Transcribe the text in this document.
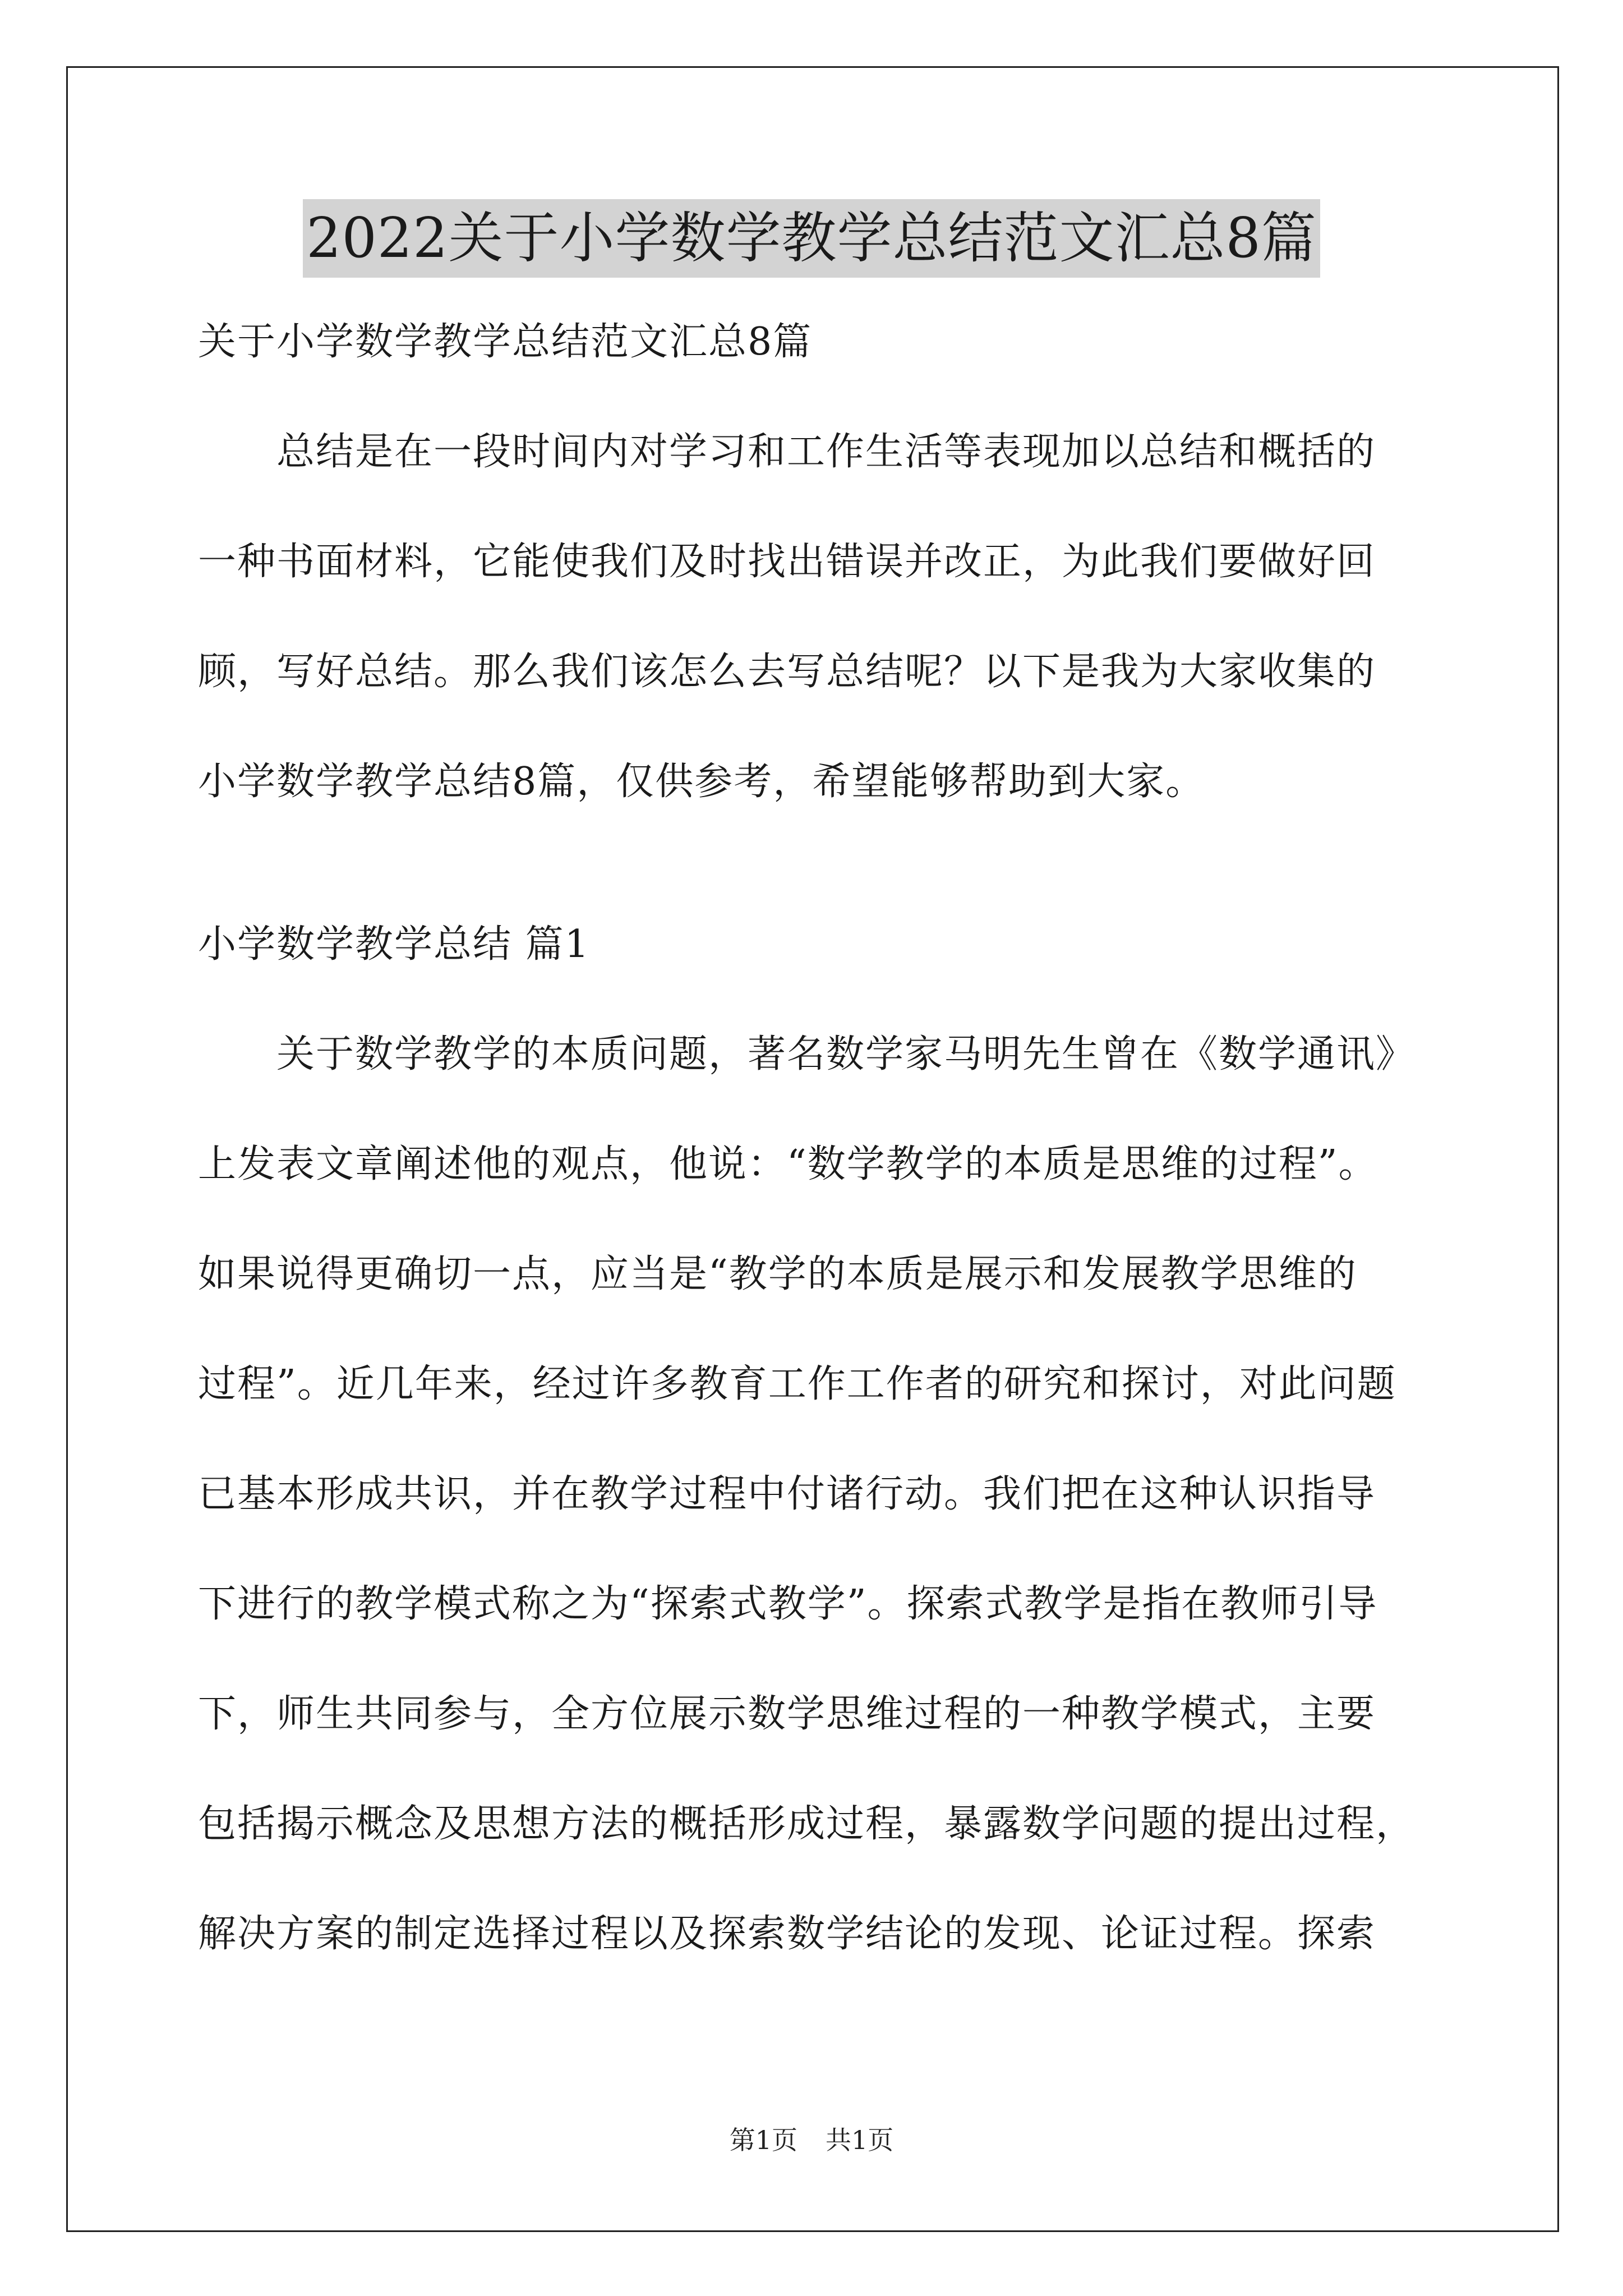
2022关于小学数学教学总结范文汇总8篇

关于小学数学教学总结范文汇总8篇

总结是在一段时间内对学习和工作生活等表现加以总结和概括的

一种书面材料，它能使我们及时找出错误并改正，为此我们要做好回

顾，写好总结。那么我们该怎么去写总结呢？以下是我为大家收集的

小学数学教学总结8篇，仅供参考，希望能够帮助到大家。

小学数学教学总结 篇1

关于数学教学的本质问题，著名数学家马明先生曾在《数学通讯》

上发表文章阐述他的观点，他说：“数学教学的本质是思维的过程”。

如果说得更确切一点，应当是“教学的本质是展示和发展教学思维的

过程”。近几年来，经过许多教育工作工作者的研究和探讨，对此问题

已基本形成共识，并在教学过程中付诸行动。我们把在这种认识指导

下进行的教学模式称之为“探索式教学”。探索式教学是指在教师引导

下，师生共同参与，全方位展示数学思维过程的一种教学模式，主要

包括揭示概念及思想方法的概括形成过程，暴露数学问题的提出过程，

解决方案的制定选择过程以及探索数学结论的发现、论证过程。探索

第1页 共1页
